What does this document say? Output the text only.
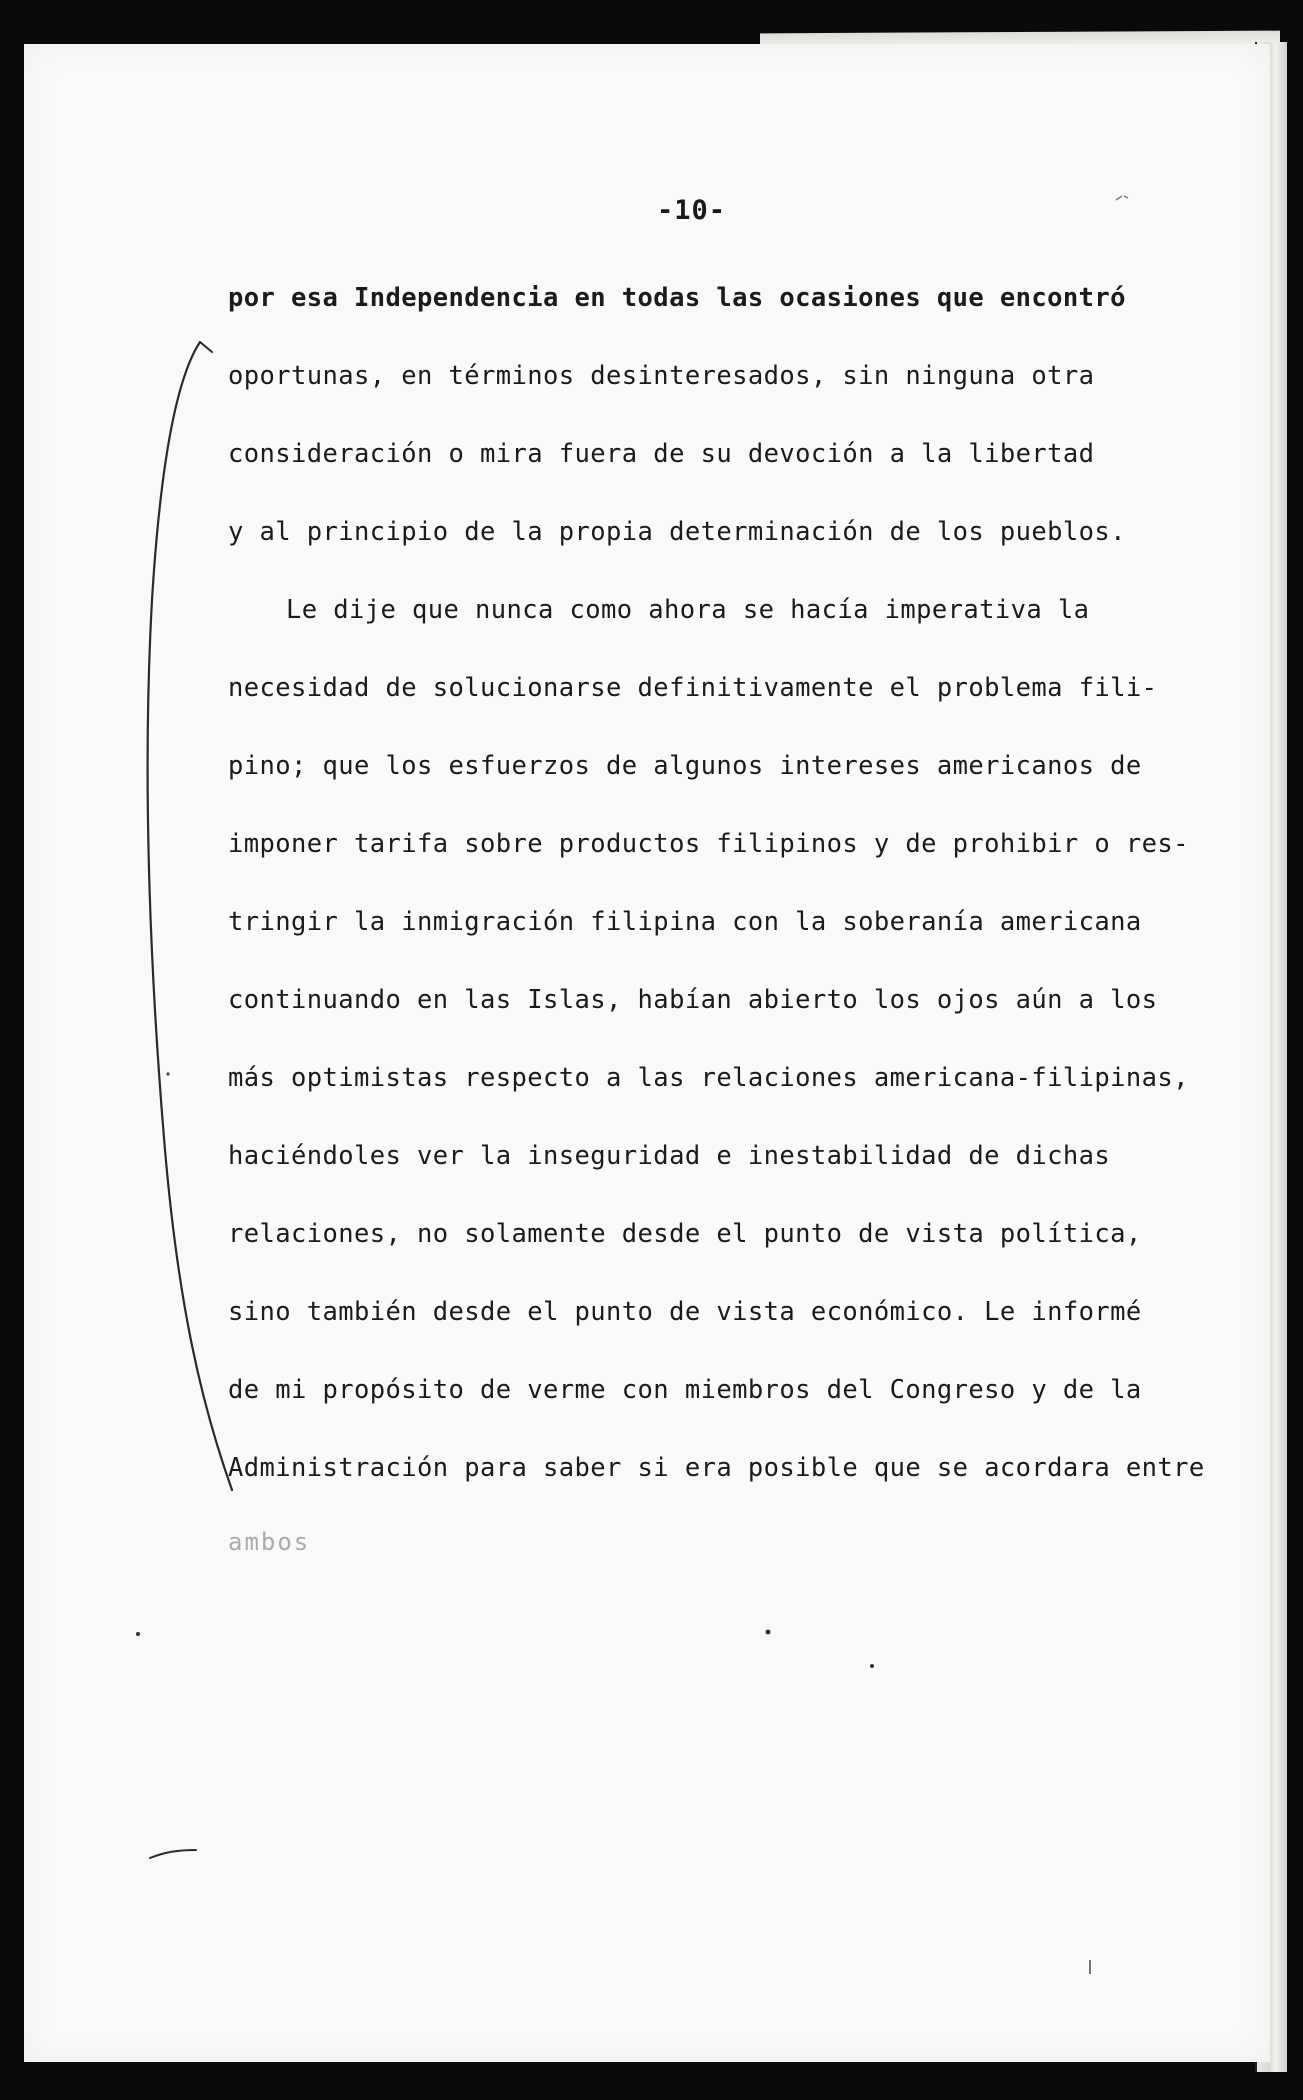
-10-
por esa Independencia en todas las ocasiones que encontró
oportunas, en términos desinteresados, sin ninguna otra
consideración o mira fuera de su devoción a la libertad
y al principio de la propia determinación de los pueblos.
Le dije que nunca como ahora se hacía imperativa la
necesidad de solucionarse definitivamente el problema fili-
pino; que los esfuerzos de algunos intereses americanos de
imponer tarifa sobre productos filipinos y de prohibir o res-
tringir la inmigración filipina con la soberanía americana
continuando en las Islas, habían abierto los ojos aún a los
más optimistas respecto a las relaciones americana-filipinas,
haciéndoles ver la inseguridad e inestabilidad de dichas
relaciones, no solamente desde el punto de vista política,
sino también desde el punto de vista económico. Le informé
de mi propósito de verme con miembros del Congreso y de la
Administración para saber si era posible que se acordara entre
ambos
